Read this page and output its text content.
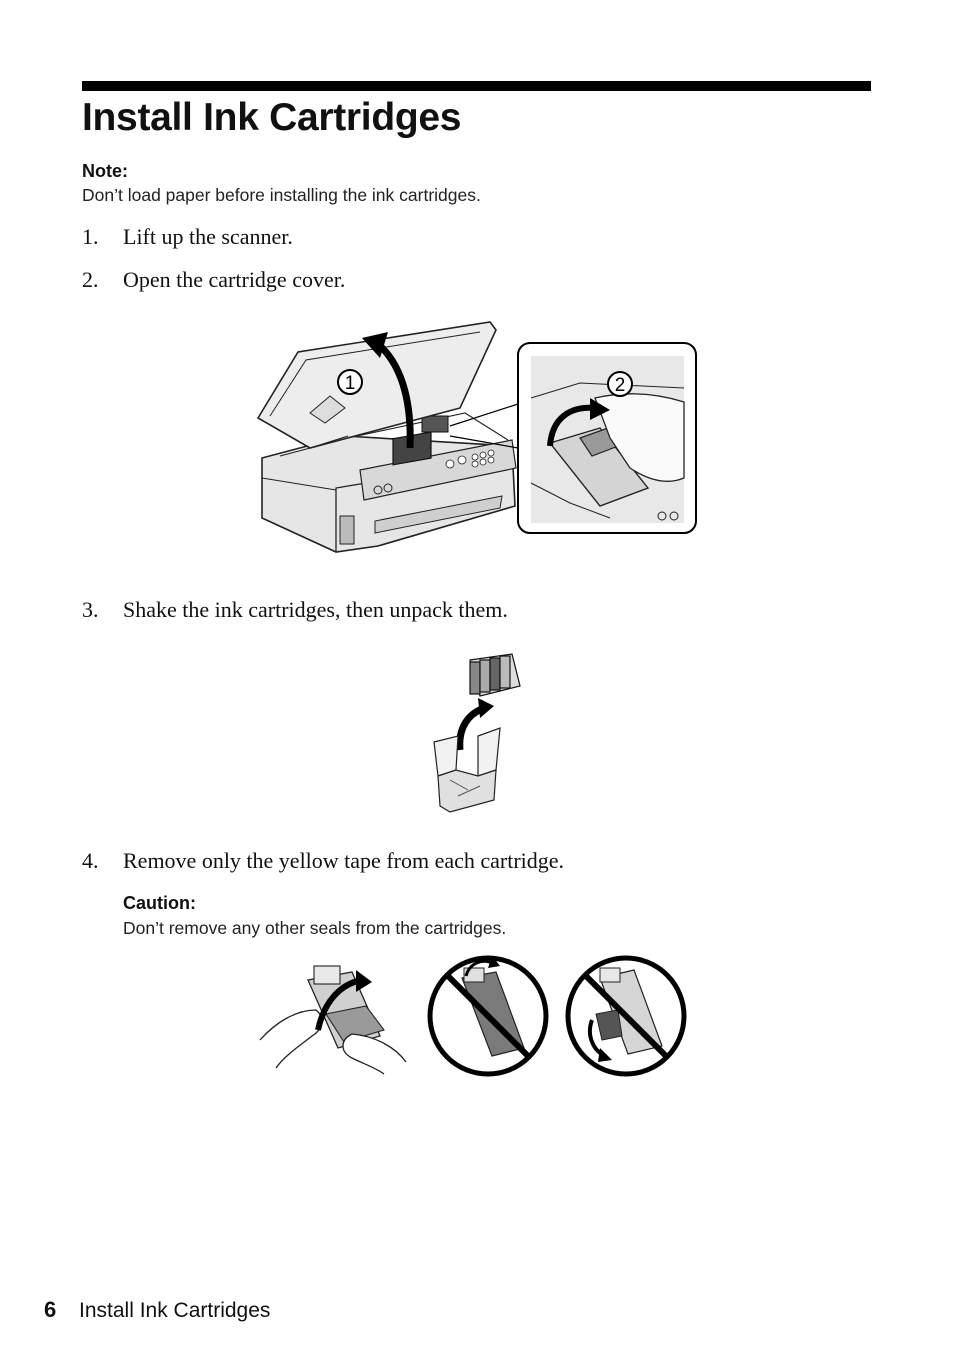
Install Ink Cartridges
Note:
Don’t load paper before installing the ink cartridges.
1. Lift up the scanner.
2. Open the cartridge cover.
1	2
3. Shake the ink cartridges, then unpack them.
4. Remove only the yellow tape from each cartridge.
Caution:
Don’t remove any other seals from the cartridges.
6 Install Ink Cartridges
